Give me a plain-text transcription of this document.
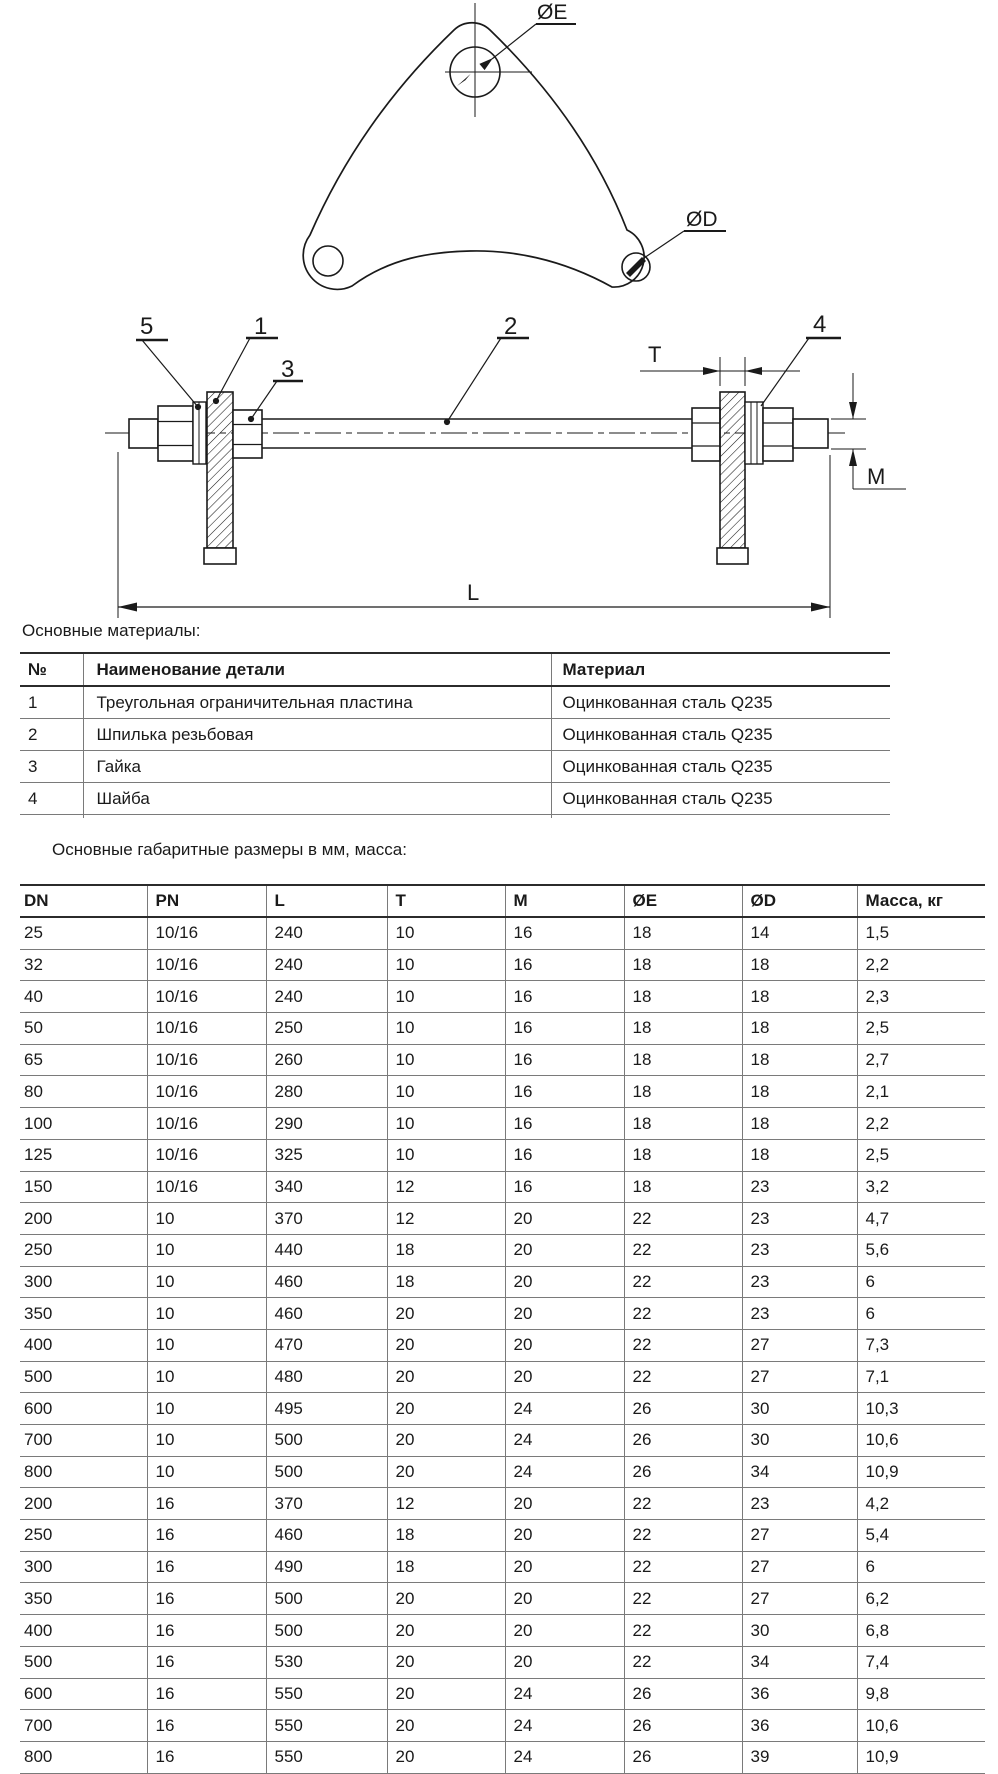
ØE
ØD
T
M
L
5	1
3
2	4
Основные материалы:
№	Наименование детали	Материал
1	Треугольная ограничительная пластина	Оцинкованная сталь Q235
2	Шпилька резьбовая	Оцинкованная сталь Q235
3	Гайка	Оцинкованная сталь Q235
4	Шайба	Оцинкованная сталь Q235
Основные габаритные размеры в мм, масса:
DN	PN	L	T	M	ØE	ØD	Масса, кг
25	10/16	240	10	16	18	14	1,5
32	10/16	240	10	16	18	18	2,2
40	10/16	240	10	16	18	18	2,3
50	10/16	250	10	16	18	18	2,5
65	10/16	260	10	16	18	18	2,7
80	10/16	280	10	16	18	18	2,1
100	10/16	290	10	16	18	18	2,2
125	10/16	325	10	16	18	18	2,5
150	10/16	340	12	16	18	23	3,2
200	10	370	12	20	22	23	4,7
250	10	440	18	20	22	23	5,6
300	10	460	18	20	22	23	6
350	10	460	20	20	22	23	6
400	10	470	20	20	22	27	7,3
500	10	480	20	20	22	27	7,1
600	10	495	20	24	26	30	10,3
700	10	500	20	24	26	30	10,6
800	10	500	20	24	26	34	10,9
200	16	370	12	20	22	23	4,2
250	16	460	18	20	22	27	5,4
300	16	490	18	20	22	27	6
350	16	500	20	20	22	27	6,2
400	16	500	20	20	22	30	6,8
500	16	530	20	20	22	34	7,4
600	16	550	20	24	26	36	9,8
700	16	550	20	24	26	36	10,6
800	16	550	20	24	26	39	10,9
